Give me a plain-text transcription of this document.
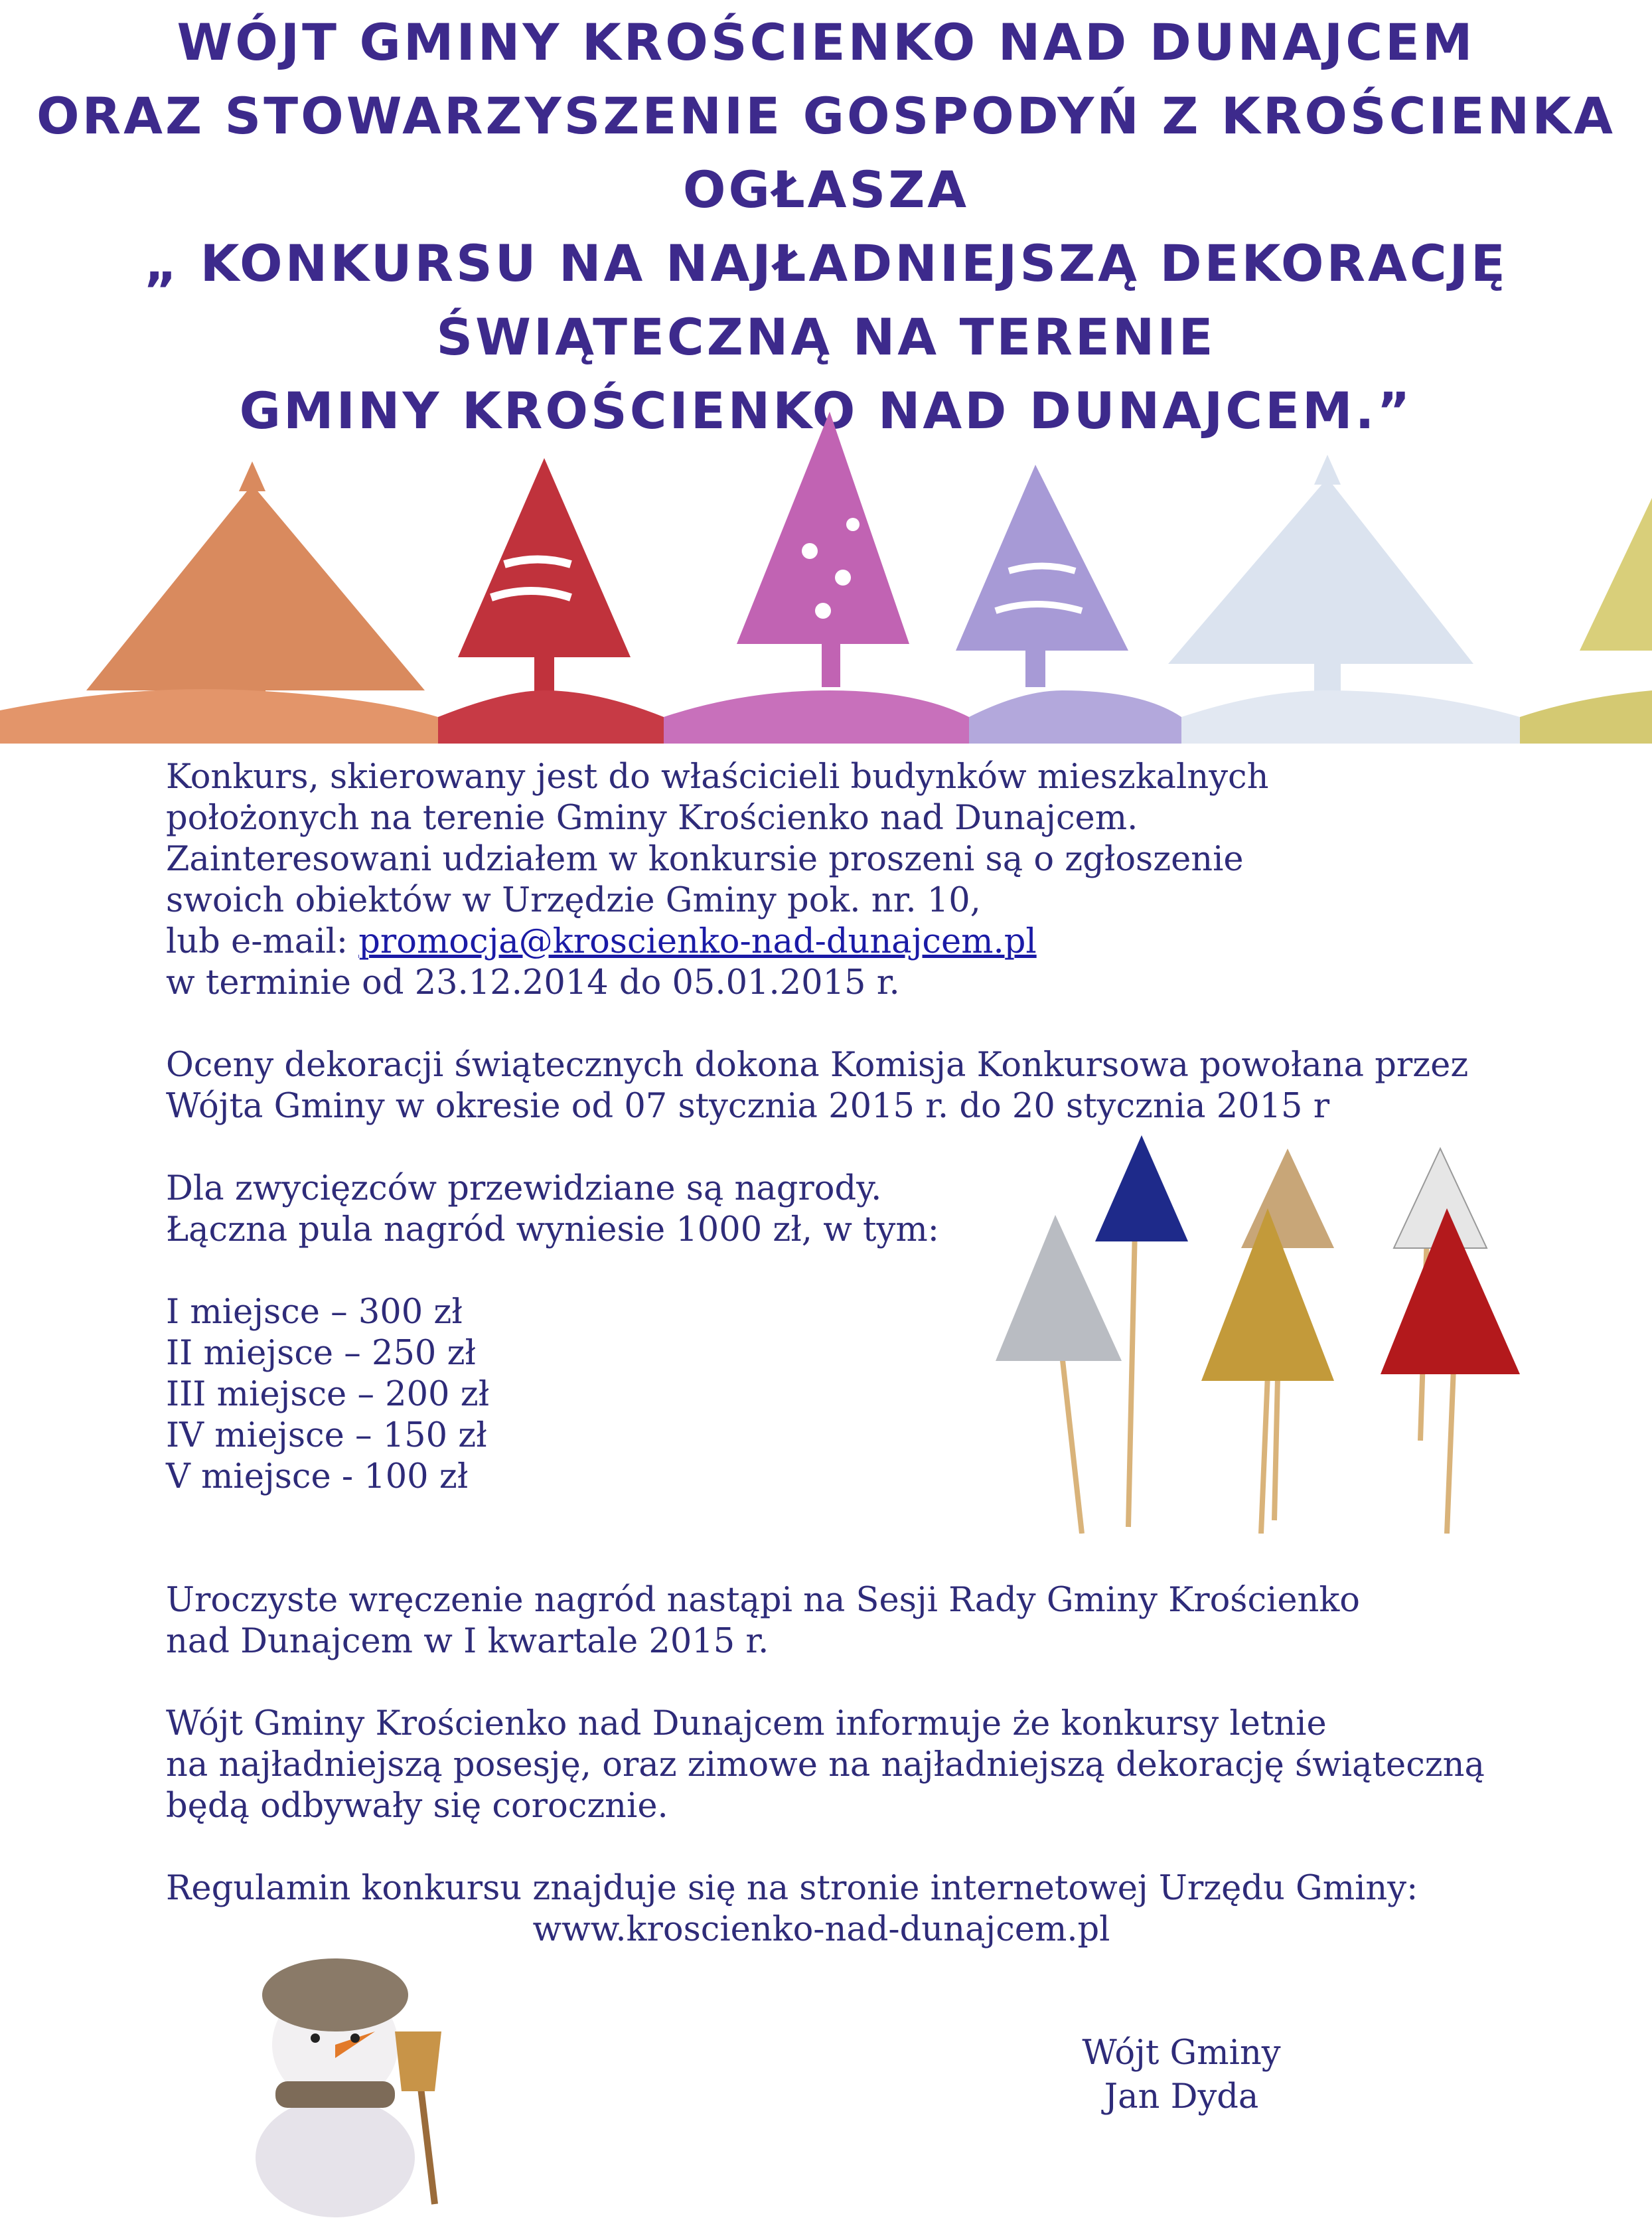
WÓJT GMINY KROŚCIENKO NAD DUNAJCEM
ORAZ STOWARZYSZENIE GOSPODYŃ Z KROŚCIENKA
OGŁASZA
„ KONKURSU NA NAJŁADNIEJSZĄ DEKORACJĘ
ŚWIĄTECZNĄ NA TERENIE
GMINY KROŚCIENKO NAD DUNAJCEM.”

Konkurs, skierowany jest do właścicieli budynków mieszkalnych

położonych na terenie Gminy Krościenko nad Dunajcem.

Zainteresowani udziałem w konkursie proszeni są o zgłoszenie

swoich obiektów w Urzędzie Gminy pok. nr. 10,

lub e-mail: promocja@kroscienko-nad-dunajcem.pl

w terminie od 23.12.2014 do 05.01.2015 r.

Oceny dekoracji świątecznych dokona Komisja Konkursowa powołana przez

Wójta Gminy w okresie od 07 stycznia 2015 r. do 20 stycznia 2015 r

Dla zwycięzców przewidziane są nagrody.

Łączna pula nagród wyniesie 1000 zł, w tym:

I miejsce – 300 zł

II miejsce – 250 zł

III miejsce – 200 zł

IV miejsce – 150 zł

V miejsce - 100 zł

Uroczyste wręczenie nagród nastąpi na Sesji Rady Gminy Krościenko

nad Dunajcem w I kwartale 2015 r.

Wójt Gminy Krościenko nad Dunajcem informuje że konkursy letnie

na najładniejszą posesję, oraz zimowe na najładniejszą dekorację świąteczną

będą odbywały się corocznie.

Regulamin konkursu znajduje się na stronie internetowej Urzędu Gminy:

www.kroscienko-nad-dunajcem.pl

Wójt Gminy

Jan Dyda
